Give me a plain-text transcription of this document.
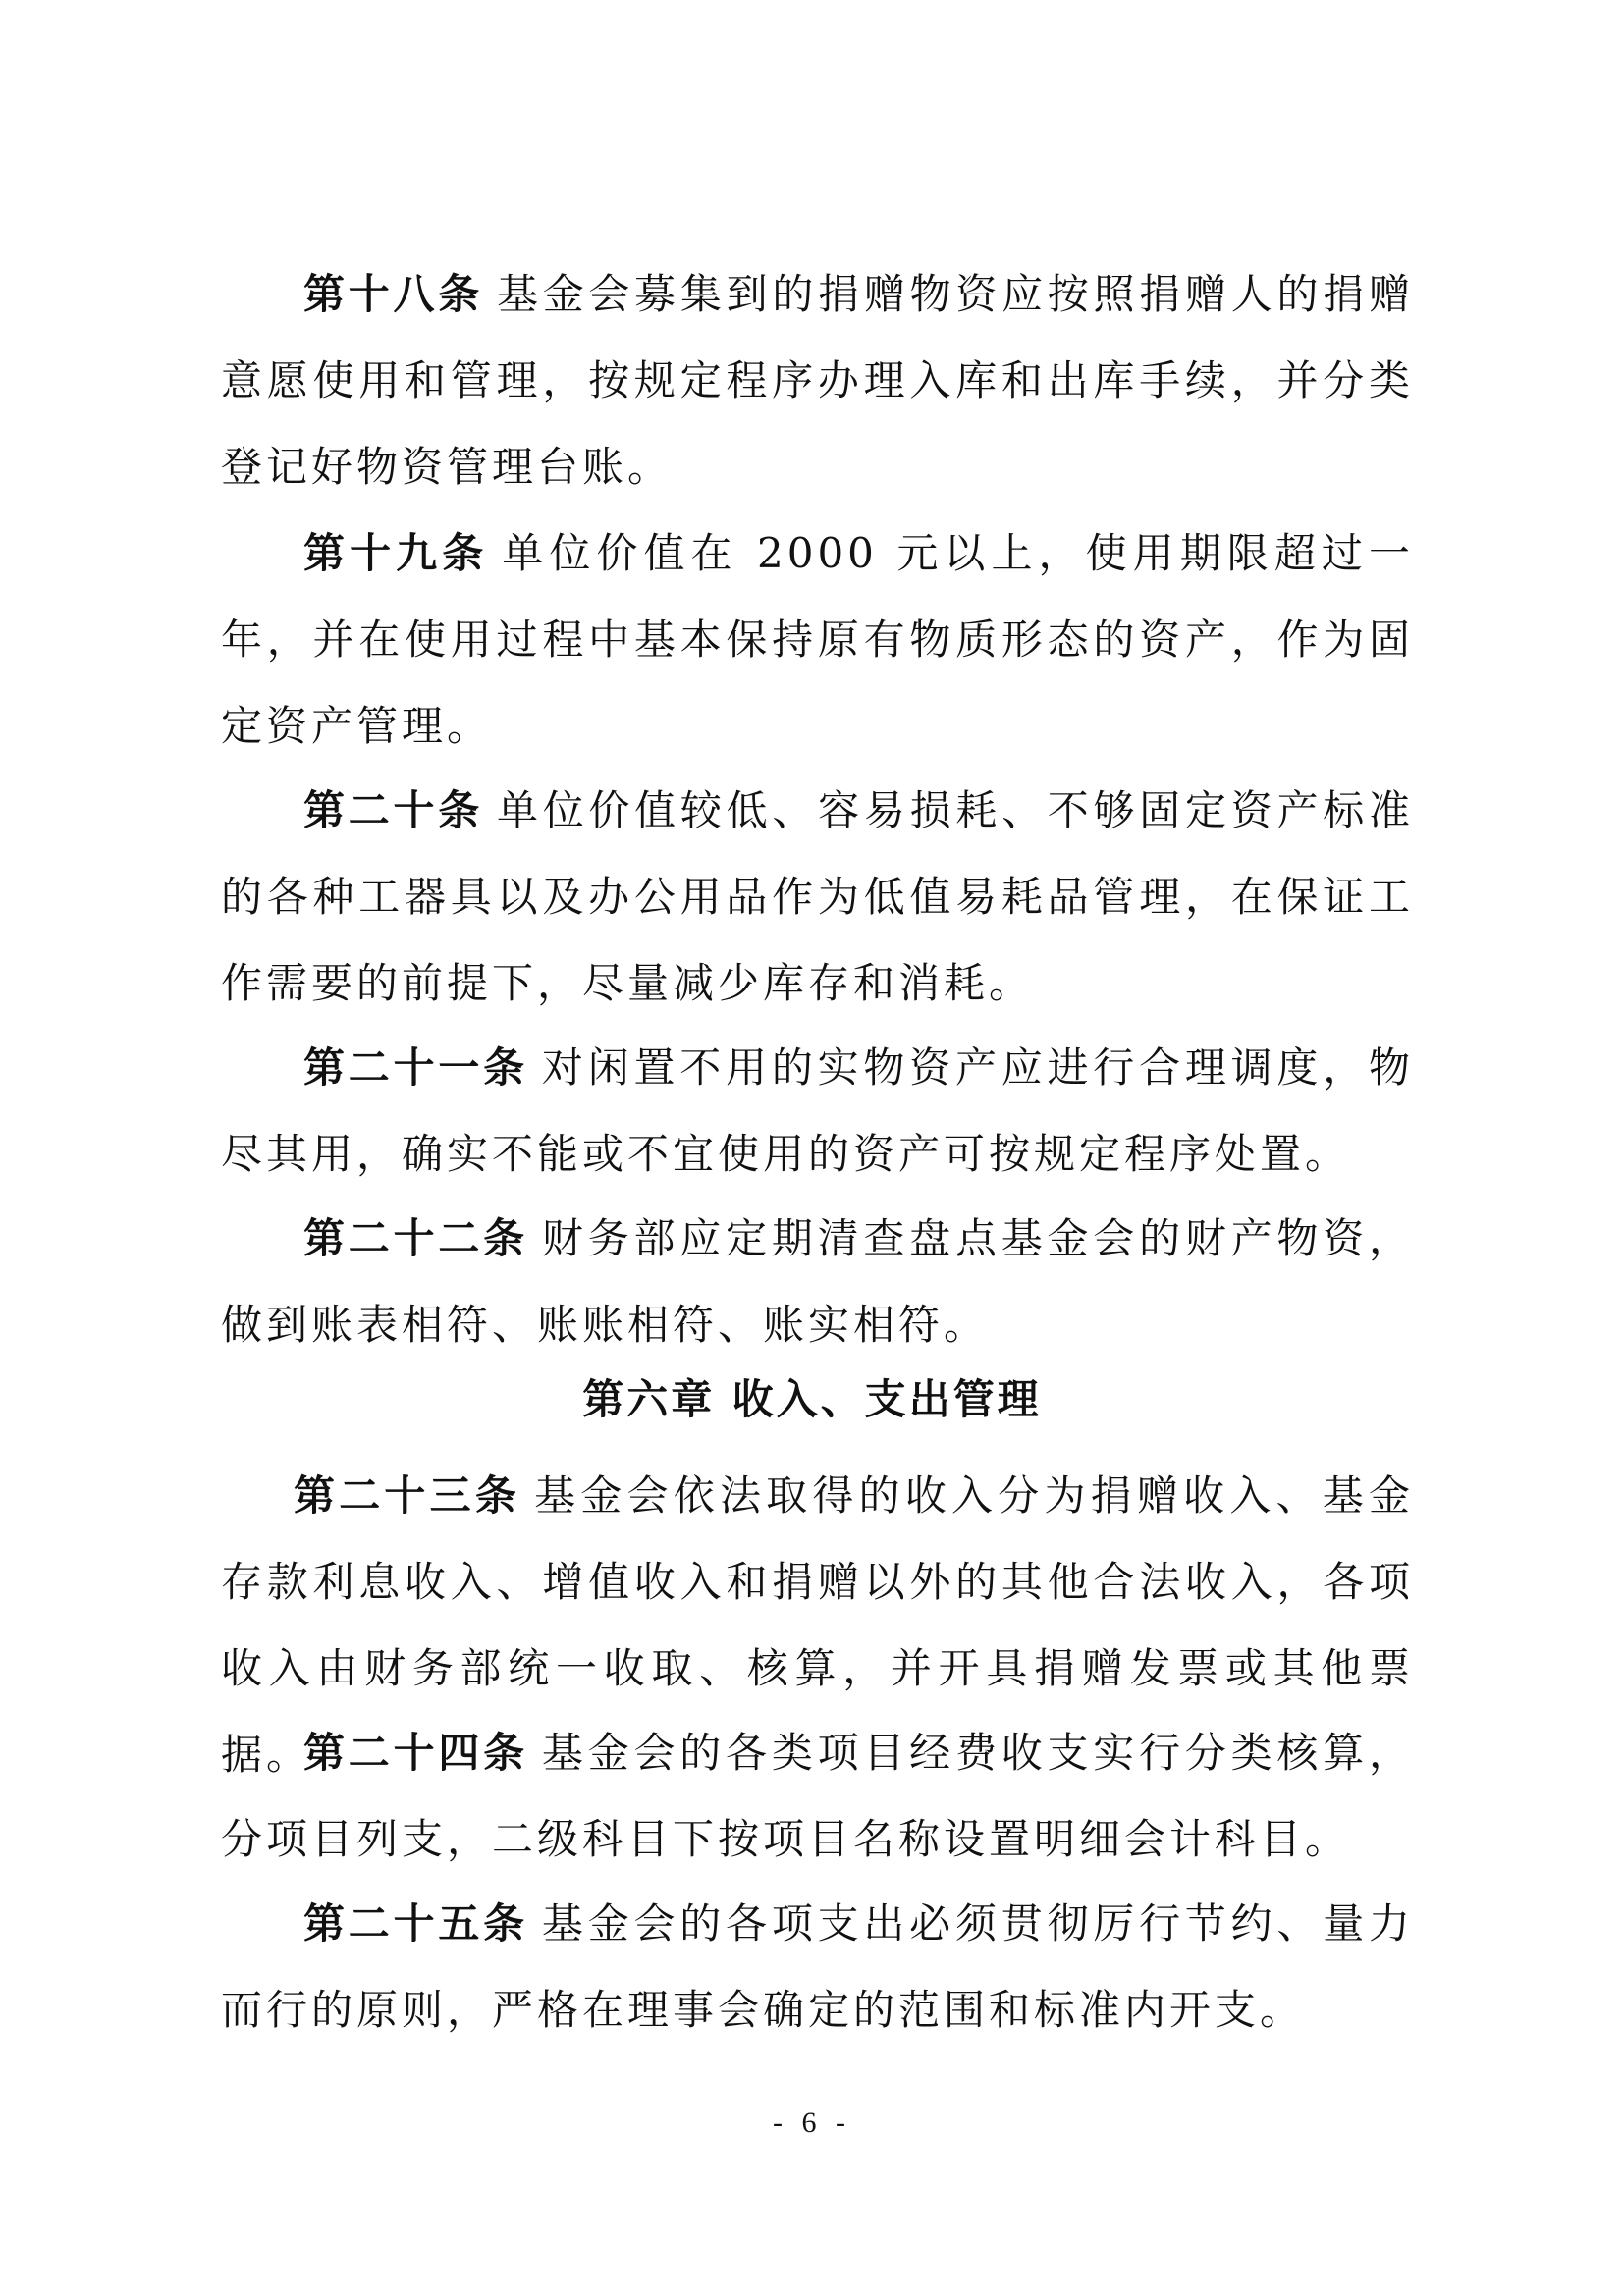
第十八条 基金会募集到的捐赠物资应按照捐赠人的捐赠意愿使用和管理，按规定程序办理入库和出库手续，并分类登记好物资管理台账。

第十九条 单位价值在 2000 元以上，使用期限超过一年，并在使用过程中基本保持原有物质形态的资产，作为固定资产管理。

第二十条 单位价值较低、容易损耗、不够固定资产标准的各种工器具以及办公用品作为低值易耗品管理，在保证工作需要的前提下，尽量减少库存和消耗。

第二十一条 对闲置不用的实物资产应进行合理调度，物尽其用，确实不能或不宜使用的资产可按规定程序处置。

第二十二条 财务部应定期清查盘点基金会的财产物资，做到账表相符、账账相符、账实相符。

第六章 收入、支出管理

第二十三条 基金会依法取得的收入分为捐赠收入、基金存款利息收入、增值收入和捐赠以外的其他合法收入，各项收入由财务部统一收取、核算，并开具捐赠发票或其他票据。

第二十四条 基金会的各类项目经费收支实行分类核算，分项目列支，二级科目下按项目名称设置明细会计科目。

第二十五条 基金会的各项支出必须贯彻厉行节约、量力而行的原则，严格在理事会确定的范围和标准内开支。

- 6 -
